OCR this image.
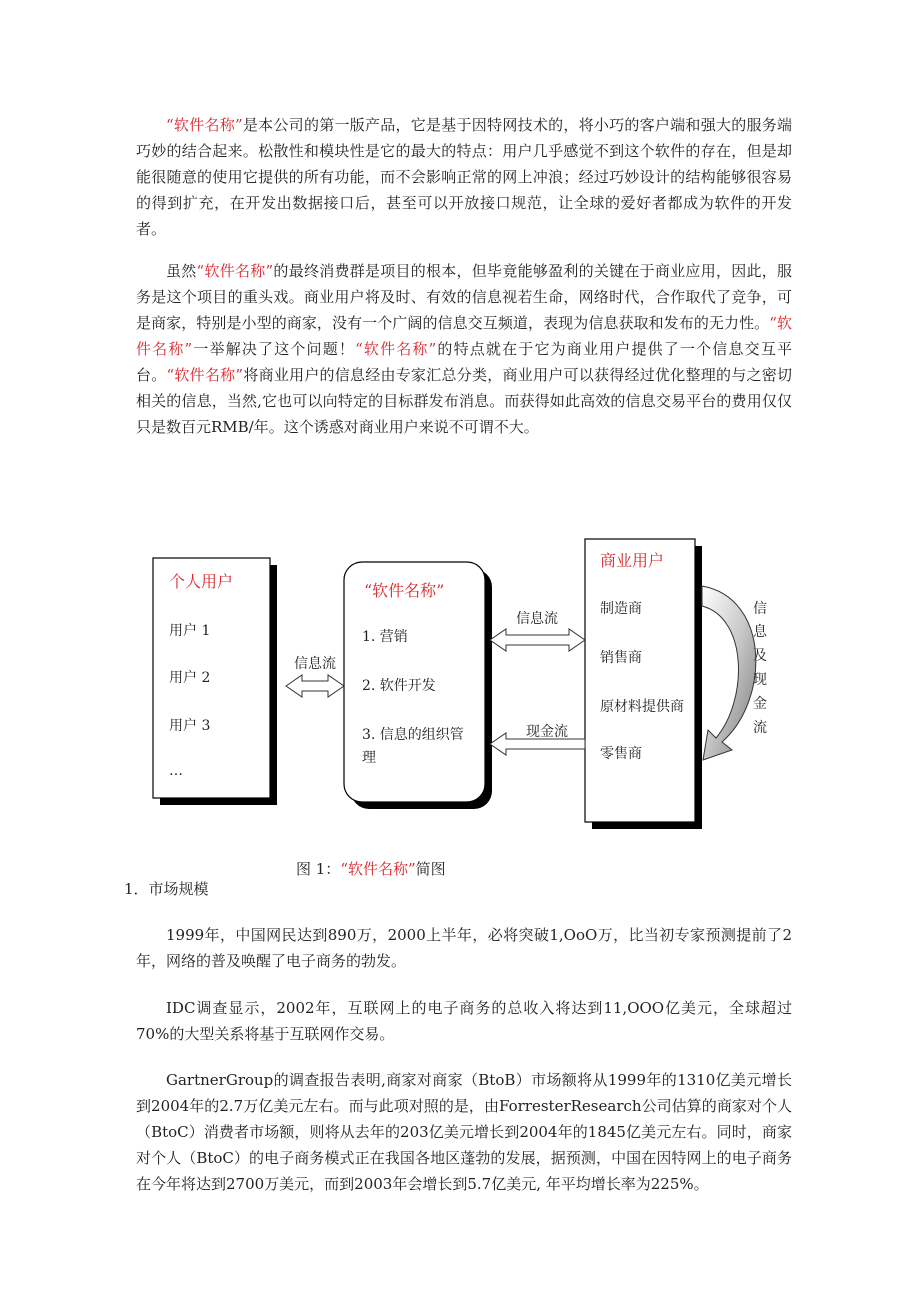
“软件名称”是本公司的第一版产品，它是基于因特网技术的，将小巧的客户端和强大的服务端巧妙的结合起来。松散性和模块性是它的最大的特点：用户几乎感觉不到这个软件的存在，但是却能很随意的使用它提供的所有功能，而不会影响正常的网上冲浪；经过巧妙设计的结构能够很容易的得到扩充，在开发出数据接口后，甚至可以开放接口规范，让全球的爱好者都成为软件的开发者。

虽然“软件名称”的最终消费群是项目的根本，但毕竟能够盈利的关键在于商业应用，因此，服务是这个项目的重头戏。商业用户将及时、有效的信息视若生命，网络时代，合作取代了竞争，可是商家，特别是小型的商家，没有一个广阔的信息交互频道，表现为信息获取和发布的无力性。“软件名称”一举解决了这个问题！“软件名称”的特点就在于它为商业用户提供了一个信息交互平台。“软件名称”将商业用户的信息经由专家汇总分类，商业用户可以获得经过优化整理的与之密切相关的信息，当然,它也可以向特定的目标群发布消息。而获得如此高效的信息交易平台的费用仅仅只是数百元RMB/年。这个诱惑对商业用户来说不可谓不大。

个人用户
用户 1
用户 2
用户 3
…
“软件名称”
1. 营销
2. 软件开发
3. 信息的组织管
理
商业用户
制造商
销售商
原材料提供商
零售商
信息流
信息流
现金流
信
息
及
现
金
流
图 1：“软件名称”简图
1．市场规模

1999年，中国网民达到890万，2000上半年，必将突破1,OoO万，比当初专家预测提前了2年，网络的普及唤醒了电子商务的勃发。

IDC调查显示，2002年，互联网上的电子商务的总收入将达到11,OOO亿美元，全球超过70%的大型关系将基于互联网作交易。

GartnerGroup的调查报告表明,商家对商家（BtoB）市场额将从1999年的1310亿美元增长到2004年的2.7万亿美元左右。而与此项对照的是，由ForresterResearch公司估算的商家对个人（BtoC）消费者市场额，则将从去年的203亿美元增长到2004年的1845亿美元左右。同时，商家对个人（BtoC）的电子商务模式正在我国各地区蓬勃的发展，据预测，中国在因特网上的电子商务在今年将达到2700万美元，而到2003年会增长到5.7亿美元, 年平均增长率为225%。
